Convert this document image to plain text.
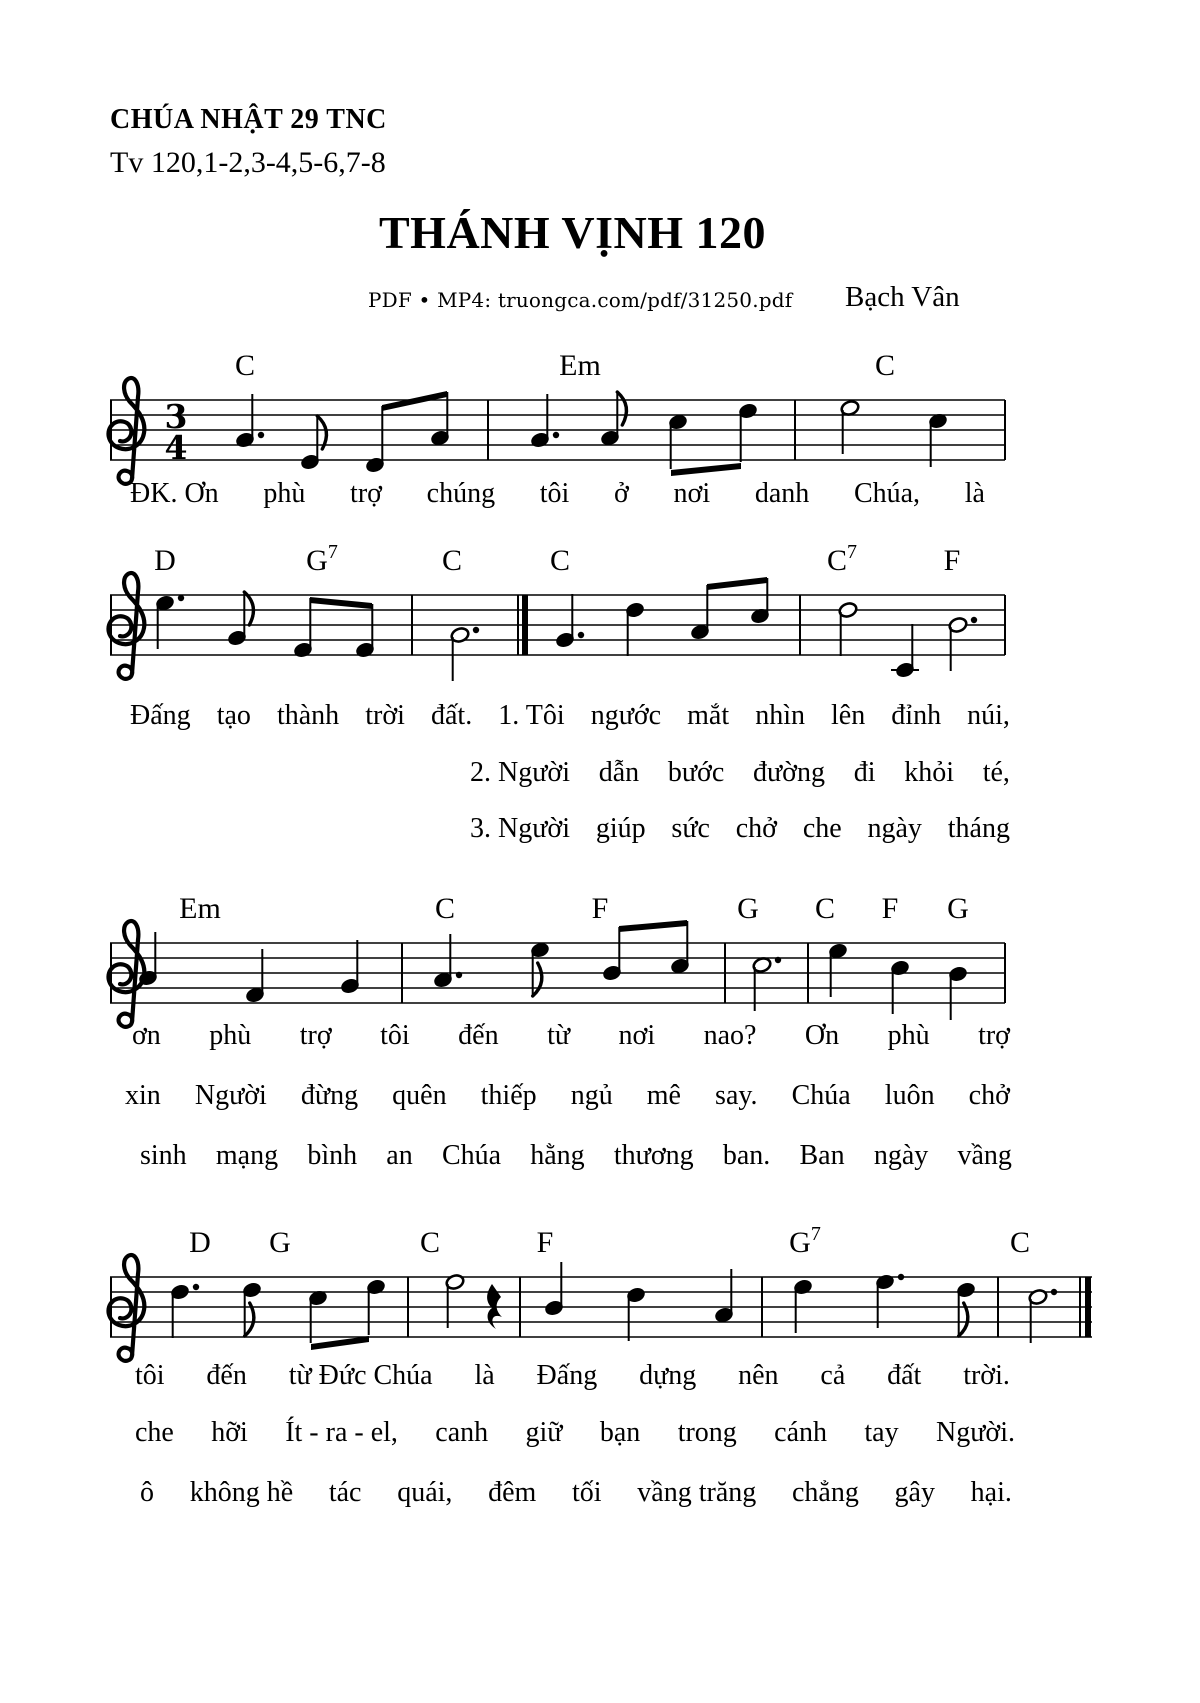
CHÚA NHẬT 29 TNC
Tv 120,1-2,3-4,5-6,7-8
THÁNH VỊNH 120
PDF • MP4: truongca.com/pdf/31250.pdf Bạch Vân
3
4
C	Em	C
ĐK. Ơn phù trợ chúng tôi ở nơi danh Chúa, là
D	$G^7$	C	C	$C^7$	F
Đấng tạo thành trời đất. 1. Tôi ngước mắt nhìn lên đỉnh núi,
2. Người dẫn bước đường đi khỏi té,
3. Người giúp sức chở che ngày tháng
Em	C	F	G C F G
ơn phù trợ tôi đến từ nơi nao? Ơn phù trợ
xin Người đừng quên thiếp ngủ mê say. Chúa luôn chở
sinh mạng bình an Chúa hằng thương ban. Ban ngày vầng
D G	C	F	$G^7$	C
tôi đến từ Đức Chúa là Đấng dựng nên cả đất trời.
che hỡi Ít - ra - el, canh giữ bạn trong cánh tay Người.
ô không hề tác quái, đêm tối vầng trăng chẳng gây hại.
